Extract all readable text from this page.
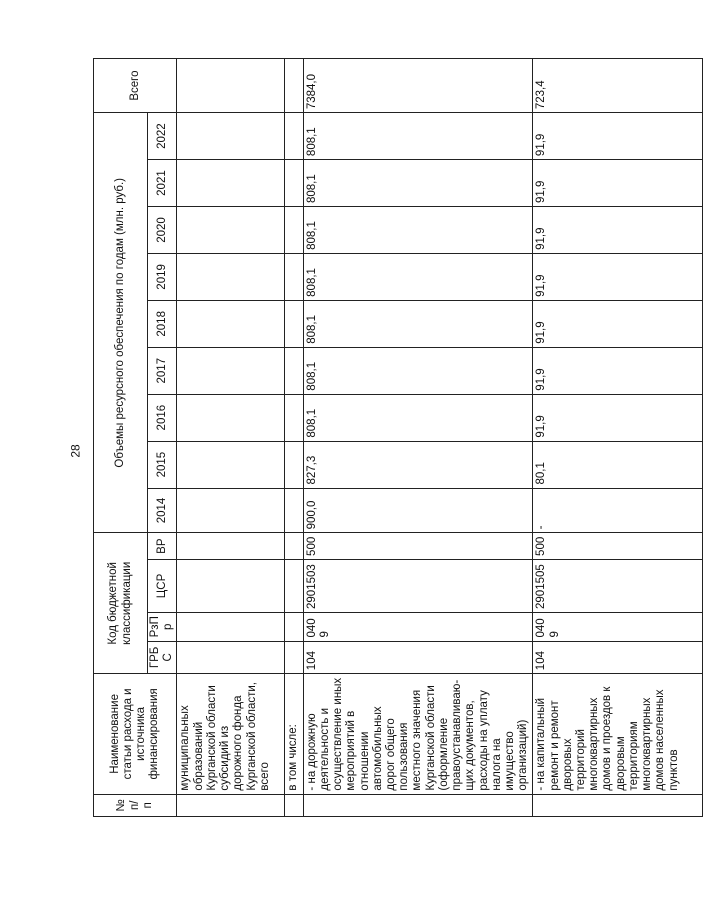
28
№ п/п	Наименование статьи расхода и источника финансирования	Код бюджетной классификации				Объемы ресурсного обеспечения по годам (млн. руб.)									Всего
		ГРБС	РзПр	ЦСР	ВР	2014	2015	2016	2017	2018	2019	2020	2021	2022	
	муниципальных образований Курганской области субсидий из дорожного фонда Курганской области, всего														
	в том числе:														
	- на дорожную деятельность и осуществление иных мероприятий в отношении автомобильных дорог общего пользования местного значения Курганской области (оформление правоустанавливаю-щих документов, расходы на уплату налога на имущество организаций)	104	0409	2901503	500	900,0	827,3	808,1	808,1	808,1	808,1	808,1	808,1	808,1	7384,0
	- на капитальный ремонт и ремонт дворовых территорий многоквартирных домов и проездов к дворовым территориям многоквартирных домов населенных пунктов	104	0409	2901505	500	-	80,1	91,9	91,9	91,9	91,9	91,9	91,9	91,9	723,4
